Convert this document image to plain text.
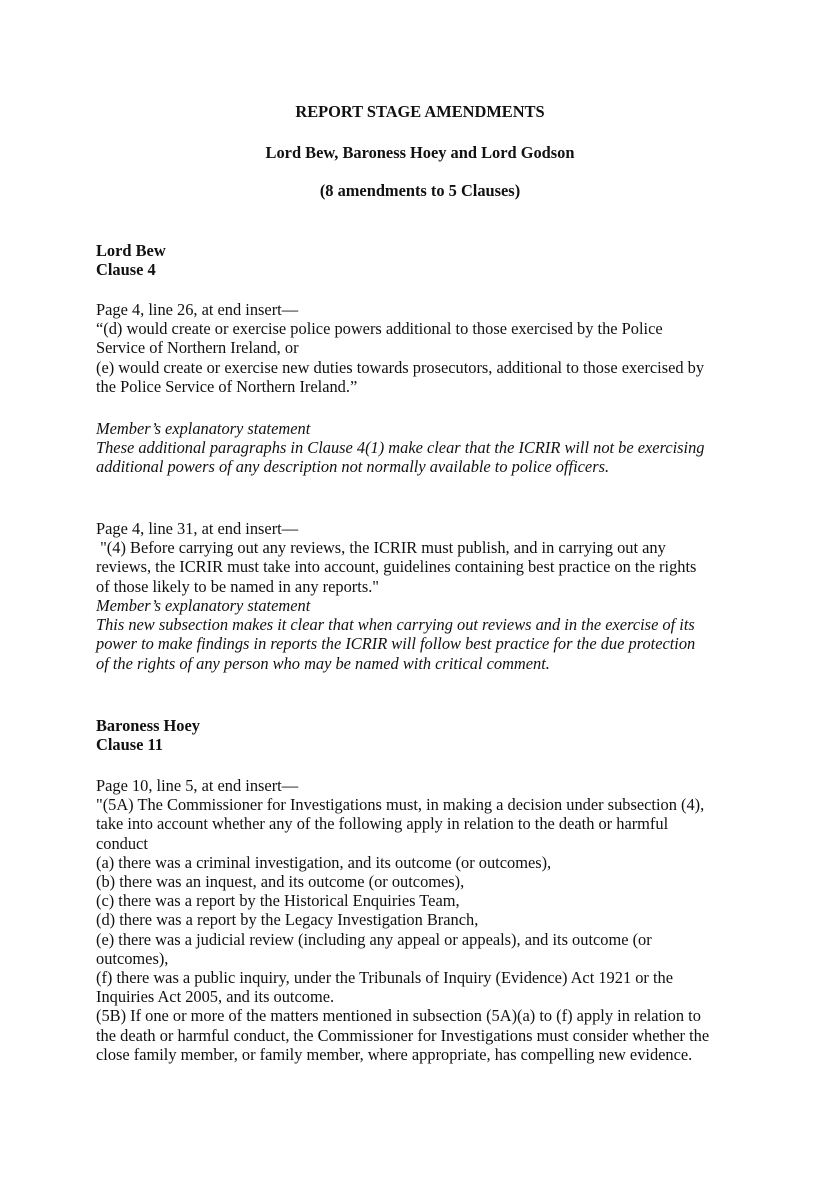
REPORT STAGE AMENDMENTS
Lord Bew, Baroness Hoey and Lord Godson
(8 amendments to 5 Clauses)

Lord Bew

Clause 4

Page 4, line 26, at end insert—

“(d) would create or exercise police powers additional to those exercised by the Police

Service of Northern Ireland, or

(e) would create or exercise new duties towards prosecutors, additional to those exercised by

the Police Service of Northern Ireland.”

Member’s explanatory statement

These additional paragraphs in Clause 4(1) make clear that the ICRIR will not be exercising

additional powers of any description not normally available to police officers.

Page 4, line 31, at end insert—

"(4) Before carrying out any reviews, the ICRIR must publish, and in carrying out any

reviews, the ICRIR must take into account, guidelines containing best practice on the rights

of those likely to be named in any reports."

Member’s explanatory statement

This new subsection makes it clear that when carrying out reviews and in the exercise of its

power to make findings in reports the ICRIR will follow best practice for the due protection

of the rights of any person who may be named with critical comment.

Baroness Hoey

Clause 11

Page 10, line 5, at end insert—

"(5A) The Commissioner for Investigations must, in making a decision under subsection (4),

take into account whether any of the following apply in relation to the death or harmful

conduct

(a) there was a criminal investigation, and its outcome (or outcomes),

(b) there was an inquest, and its outcome (or outcomes),

(c) there was a report by the Historical Enquiries Team,

(d) there was a report by the Legacy Investigation Branch,

(e) there was a judicial review (including any appeal or appeals), and its outcome (or

outcomes),

(f) there was a public inquiry, under the Tribunals of Inquiry (Evidence) Act 1921 or the

Inquiries Act 2005, and its outcome.

(5B) If one or more of the matters mentioned in subsection (5A)(a) to (f) apply in relation to

the death or harmful conduct, the Commissioner for Investigations must consider whether the

close family member, or family member, where appropriate, has compelling new evidence.
